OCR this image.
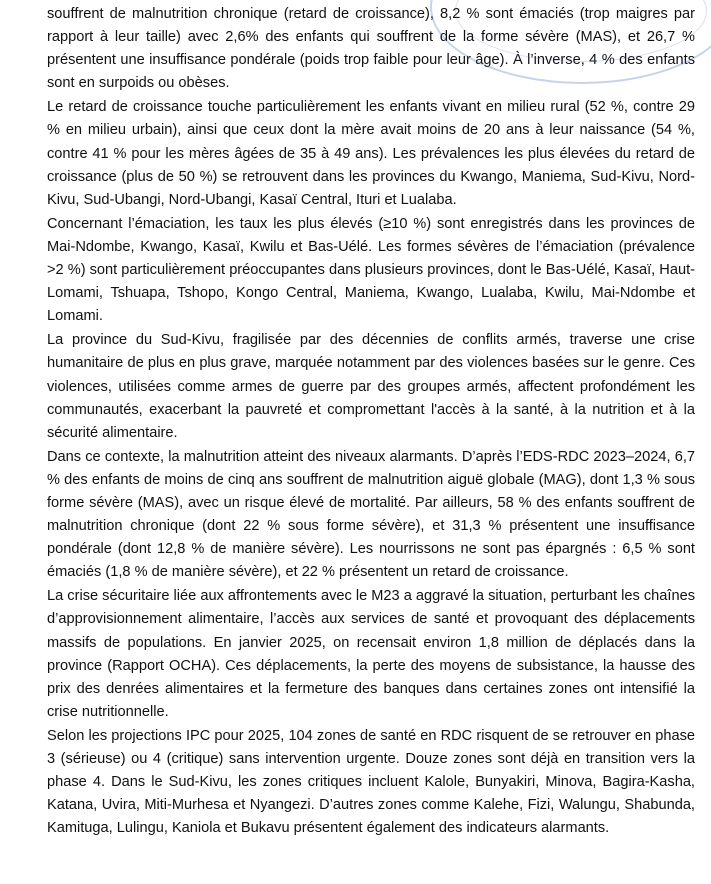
souffrent de malnutrition chronique (retard de croissance), 8,2 % sont émaciés (trop maigres par rapport à leur taille) avec 2,6% des enfants qui souffrent de la forme sévère (MAS), et 26,7 % présentent une insuffisance pondérale (poids trop faible pour leur âge). À l’inverse, 4 % des enfants sont en surpoids ou obèses.

Le retard de croissance touche particulièrement les enfants vivant en milieu rural (52 %, contre 29 % en milieu urbain), ainsi que ceux dont la mère avait moins de 20 ans à leur naissance (54 %, contre 41 % pour les mères âgées de 35 à 49 ans). Les prévalences les plus élevées du retard de croissance (plus de 50 %) se retrouvent dans les provinces du Kwango, Maniema, Sud-Kivu, Nord-Kivu, Sud-Ubangi, Nord-Ubangi, Kasaï Central, Ituri et Lualaba.

Concernant l’émaciation, les taux les plus élevés (≥10 %) sont enregistrés dans les provinces de Mai-Ndombe, Kwango, Kasaï, Kwilu et Bas-Uélé. Les formes sévères de l’émaciation (prévalence >2 %) sont particulièrement préoccupantes dans plusieurs provinces, dont le Bas-Uélé, Kasaï, Haut-Lomami, Tshuapa, Tshopo, Kongo Central, Maniema, Kwango, Lualaba, Kwilu, Mai-Ndombe et Lomami.

La province du Sud-Kivu, fragilisée par des décennies de conflits armés, traverse une crise humanitaire de plus en plus grave, marquée notamment par des violences basées sur le genre. Ces violences, utilisées comme armes de guerre par des groupes armés, affectent profondément les communautés, exacerbant la pauvreté et compromettant l'accès à la santé, à la nutrition et à la sécurité alimentaire.

Dans ce contexte, la malnutrition atteint des niveaux alarmants. D’après l’EDS-RDC 2023–2024, 6,7 % des enfants de moins de cinq ans souffrent de malnutrition aiguë globale (MAG), dont 1,3 % sous forme sévère (MAS), avec un risque élevé de mortalité. Par ailleurs, 58 % des enfants souffrent de malnutrition chronique (dont 22 % sous forme sévère), et 31,3 % présentent une insuffisance pondérale (dont 12,8 % de manière sévère). Les nourrissons ne sont pas épargnés : 6,5 % sont émaciés (1,8 % de manière sévère), et 22 % présentent un retard de croissance.

La crise sécuritaire liée aux affrontements avec le M23 a aggravé la situation, perturbant les chaînes d’approvisionnement alimentaire, l’accès aux services de santé et provoquant des déplacements massifs de populations. En janvier 2025, on recensait environ 1,8 million de déplacés dans la province (Rapport OCHA). Ces déplacements, la perte des moyens de subsistance, la hausse des prix des denrées alimentaires et la fermeture des banques dans certaines zones ont intensifié la crise nutritionnelle.

Selon les projections IPC pour 2025, 104 zones de santé en RDC risquent de se retrouver en phase 3 (sérieuse) ou 4 (critique) sans intervention urgente. Douze zones sont déjà en transition vers la phase 4. Dans le Sud-Kivu, les zones critiques incluent Kalole, Bunyakiri, Minova, Bagira-Kasha, Katana, Uvira, Miti-Murhesa et Nyangezi. D’autres zones comme Kalehe, Fizi, Walungu, Shabunda, Kamituga, Lulingu, Kaniola et Bukavu présentent également des indicateurs alarmants.
